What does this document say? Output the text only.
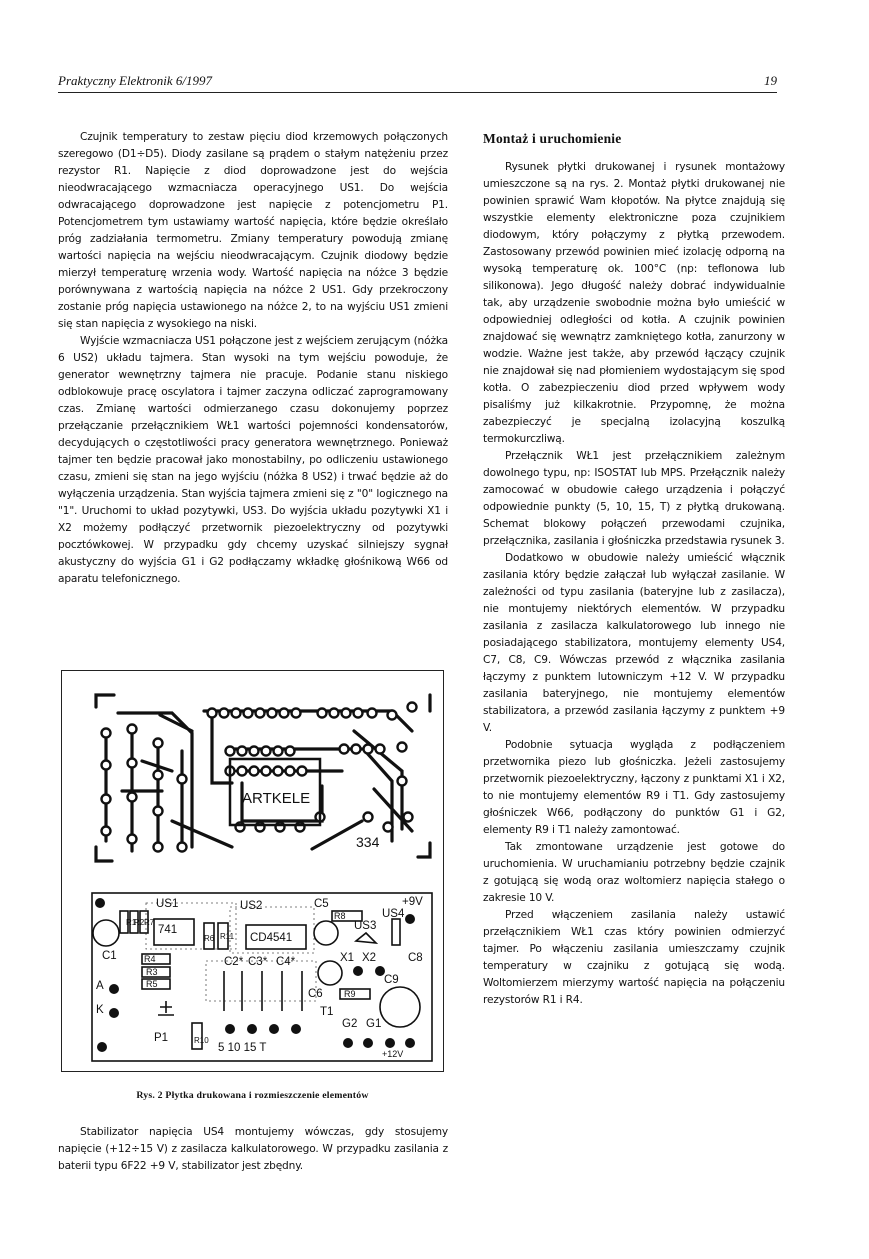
Praktyczny Elektronik 6/1997	19

Czujnik temperatury to zestaw pięciu diod krzemowych połączonych szeregowo (D1÷D5). Diody zasilane są prądem o stałym natężeniu przez rezystor R1. Napięcie z diod doprowadzone jest do wejścia nieodwracającego wzmacniacza operacyjnego US1. Do wejścia odwracającego doprowadzone jest napięcie z potencjometru P1. Potencjometrem tym ustawiamy wartość napięcia, które będzie określało próg zadziałania termometru. Zmiany temperatury powodują zmianę wartości napięcia na wejściu nieodwracającym. Czujnik diodowy będzie mierzył temperaturę wrzenia wody. Wartość napięcia na nóżce 3 będzie porównywana z wartością napięcia na nóżce 2 US1. Gdy przekroczony zostanie próg napięcia ustawionego na nóżce 2, to na wyjściu US1 zmieni się stan napięcia z wysokiego na niski.

Wyjście wzmacniacza US1 połączone jest z wejściem zerującym (nóżka 6 US2) układu tajmera. Stan wysoki na tym wejściu powoduje, że generator wewnętrzny tajmera nie pracuje. Podanie stanu niskiego odblokowuje pracę oscylatora i tajmer zaczyna odliczać zaprogramowany czas. Zmianę wartości odmierzanego czasu dokonujemy poprzez przełączanie przełącznikiem WŁ1 wartości pojemności kondensatorów, decydujących o częstotliwości pracy generatora wewnętrznego. Ponieważ tajmer ten będzie pracował jako monostabilny, po odliczeniu ustawionego czasu, zmieni się stan na jego wyjściu (nóżka 8 US2) i trwać będzie aż do wyłączenia urządzenia. Stan wyjścia tajmera zmieni się z "0" logicznego na "1". Uruchomi to układ pozytywki, US3. Do wyjścia układu pozytywki X1 i X2 możemy podłączyć przetwornik piezoelektryczny od pozytywki pocztówkowej. W przypadku gdy chcemy uzyskać silniejszy sygnał akustyczny do wyjścia G1 i G2 podłączamy wkładkę głośnikową W66 od aparatu telefonicznego.

ARTKELE
334
US1	US2	C5	+9V
R8	US4
US3
R1
R2 R7
741
R6 R11 CD4541
C1	R4
R3
R5
C2* C3* C4*	X1 X2	C8
C6 R9
C9
A
K	T1
P1	R10
G2 G1
5 10 15 T	+12V
Rys. 2 Płytka drukowana i rozmieszczenie elementów

Stabilizator napięcia US4 montujemy wówczas, gdy stosujemy napięcie (+12÷15 V) z zasilacza kalkulatorowego. W przypadku zasilania z baterii typu 6F22 +9 V, stabilizator jest zbędny.

Montaż i uruchomienie

Rysunek płytki drukowanej i rysunek montażowy umieszczone są na rys. 2. Montaż płytki drukowanej nie powinien sprawić Wam kłopotów. Na płytce znajdują się wszystkie elementy elektroniczne poza czujnikiem diodowym, który połączymy z płytką przewodem. Zastosowany przewód powinien mieć izolację odporną na wysoką temperaturę ok. 100°C (np: teflonowa lub silikonowa). Jego długość należy dobrać indywidualnie tak, aby urządzenie swobodnie można było umieścić w odpowiedniej odległości od kotła. A czujnik powinien znajdować się wewnątrz zamkniętego kotła, zanurzony w wodzie. Ważne jest także, aby przewód łączący czujnik nie znajdował się nad płomieniem wydostającym się spod kotła. O zabezpieczeniu diod przed wpływem wody pisaliśmy już kilkakrotnie. Przypomnę, że można zabezpieczyć je specjalną izolacyjną koszulką termokurczliwą.

Przełącznik WŁ1 jest przełącznikiem zależnym dowolnego typu, np: ISOSTAT lub MPS. Przełącznik należy zamocować w obudowie całego urządzenia i połączyć odpowiednie punkty (5, 10, 15, T) z płytką drukowaną. Schemat blokowy połączeń przewodami czujnika, przełącznika, zasilania i głośniczka przedstawia rysunek 3.

Dodatkowo w obudowie należy umieścić włącznik zasilania który będzie załączał lub wyłączał zasilanie. W zależności od typu zasilania (bateryjne lub z zasilacza), nie montujemy niektórych elementów. W przypadku zasilania z zasilacza kalkulatorowego lub innego nie posiadającego stabilizatora, montujemy elementy US4, C7, C8, C9. Wówczas przewód z włącznika zasilania łączymy z punktem lutowniczym +12 V. W przypadku zasilania bateryjnego, nie montujemy elementów stabilizatora, a przewód zasilania łączymy z punktem +9 V.

Podobnie sytuacja wygląda z podłączeniem przetwornika piezo lub głośniczka. Jeżeli zastosujemy przetwornik piezoelektryczny, łączony z punktami X1 i X2, to nie montujemy elementów R9 i T1. Gdy zastosujemy głośniczek W66, podłączony do punktów G1 i G2, elementy R9 i T1 należy zamontować.

Tak zmontowane urządzenie jest gotowe do uruchomienia. W uruchamianiu potrzebny będzie czajnik z gotującą się wodą oraz woltomierz napięcia stałego o zakresie 10 V.

Przed włączeniem zasilania należy ustawić przełącznikiem WŁ1 czas który powinien odmierzyć tajmer. Po włączeniu zasilania umieszczamy czujnik temperatury w czajniku z gotującą się wodą. Woltomierzem mierzymy wartość napięcia na połączeniu rezystorów R1 i R4.
